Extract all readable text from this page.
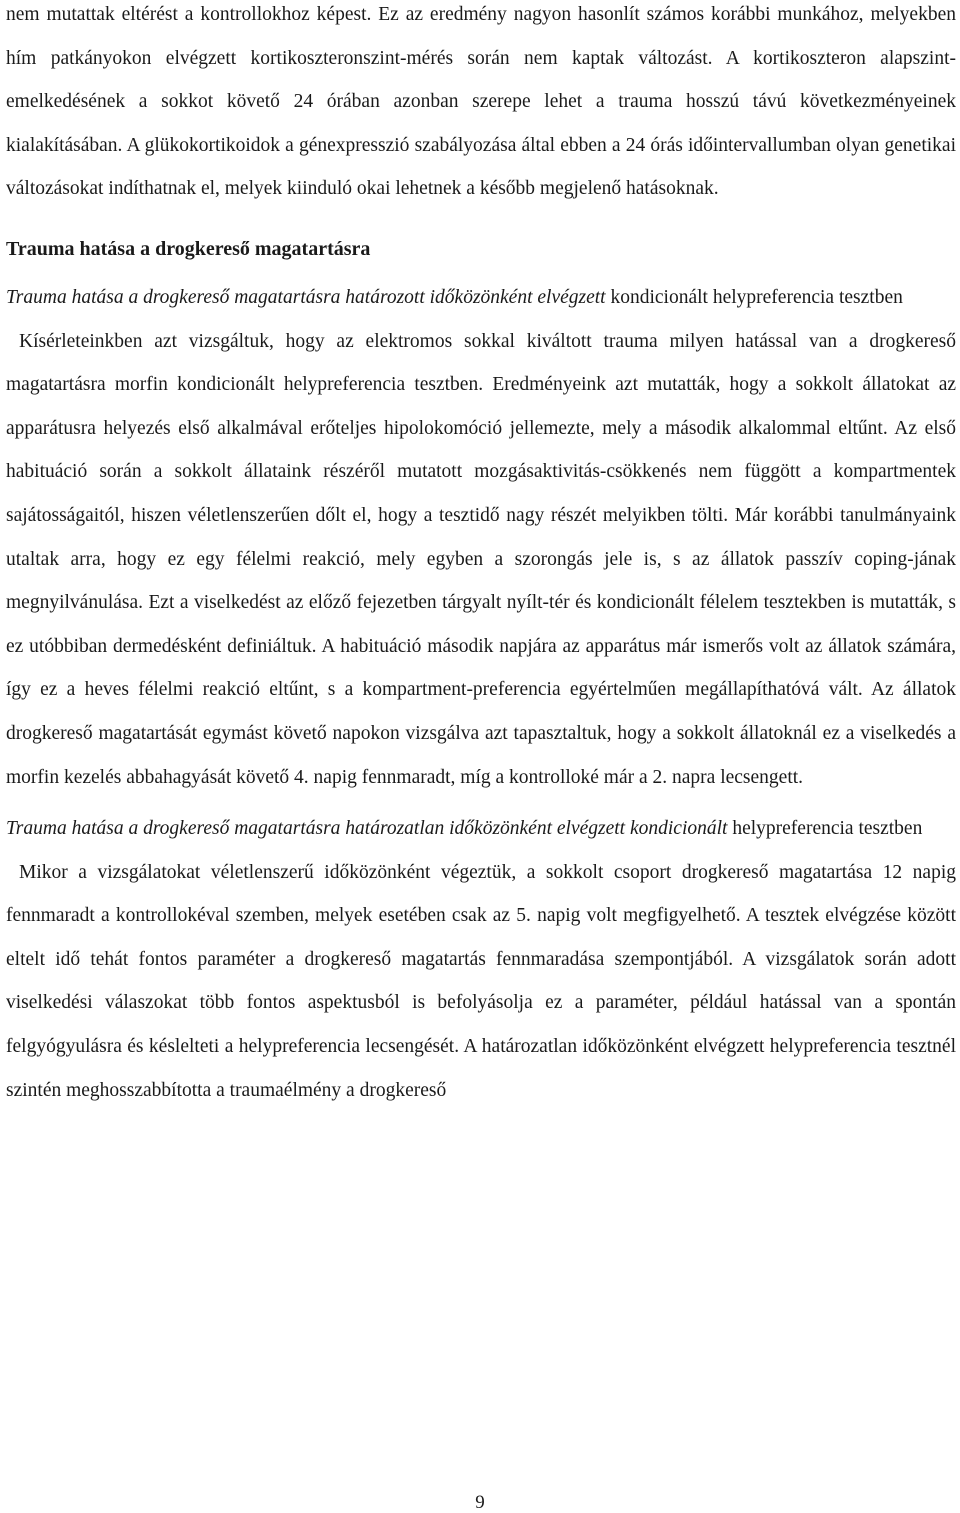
nem mutattak eltérést a kontrollokhoz képest. Ez az eredmény nagyon hasonlít számos korábbi munkához, melyekben hím patkányokon elvégzett kortikoszteronszint-mérés során nem kaptak változást. A kortikoszteron alapszint-emelkedésének a sokkot követő 24 órában azonban szerepe lehet a trauma hosszú távú következményeinek kialakításában. A glükokortikoidok a génexpresszió szabályozása által ebben a 24 órás időintervallumban olyan genetikai változásokat indíthatnak el, melyek kiinduló okai lehetnek a később megjelenő hatásoknak.

Trauma hatása a drogkereső magatartásra

Trauma hatása a drogkereső magatartásra határozott időközönként elvégzett kondicionált helypreferencia tesztben

Kísérleteinkben azt vizsgáltuk, hogy az elektromos sokkal kiváltott trauma milyen hatással van a drogkereső magatartásra morfin kondicionált helypreferencia tesztben. Eredményeink azt mutatták, hogy a sokkolt állatokat az apparátusra helyezés első alkalmával erőteljes hipolokomóció jellemezte, mely a második alkalommal eltűnt. Az első habituáció során a sokkolt állataink részéről mutatott mozgásaktivitás-csökkenés nem függött a kompartmentek sajátosságaitól, hiszen véletlenszerűen dőlt el, hogy a tesztidő nagy részét melyikben tölti. Már korábbi tanulmányaink utaltak arra, hogy ez egy félelmi reakció, mely egyben a szorongás jele is, s az állatok passzív coping-jának megnyilvánulása. Ezt a viselkedést az előző fejezetben tárgyalt nyílt-tér és kondicionált félelem tesztekben is mutatták, s ez utóbbiban dermedésként definiáltuk. A habituáció második napjára az apparátus már ismerős volt az állatok számára, így ez a heves félelmi reakció eltűnt, s a kompartment-preferencia egyértelműen megállapíthatóvá vált. Az állatok drogkereső magatartását egymást követő napokon vizsgálva azt tapasztaltuk, hogy a sokkolt állatoknál ez a viselkedés a morfin kezelés abbahagyását követő 4. napig fennmaradt, míg a kontrolloké már a 2. napra lecsengett.

Trauma hatása a drogkereső magatartásra határozatlan időközönként elvégzett kondicionált helypreferencia tesztben

Mikor a vizsgálatokat véletlenszerű időközönként végeztük, a sokkolt csoport drogkereső magatartása 12 napig fennmaradt a kontrollokéval szemben, melyek esetében csak az 5. napig volt megfigyelhető. A tesztek elvégzése között eltelt idő tehát fontos paraméter a drogkereső magatartás fennmaradása szempontjából. A vizsgálatok során adott viselkedési válaszokat több fontos aspektusból is befolyásolja ez a paraméter, például hatással van a spontán felgyógyulásra és késlelteti a helypreferencia lecsengését. A határozatlan időközönként elvégzett helypreferencia tesztnél szintén meghosszabbította a traumaélmény a drogkereső

9
